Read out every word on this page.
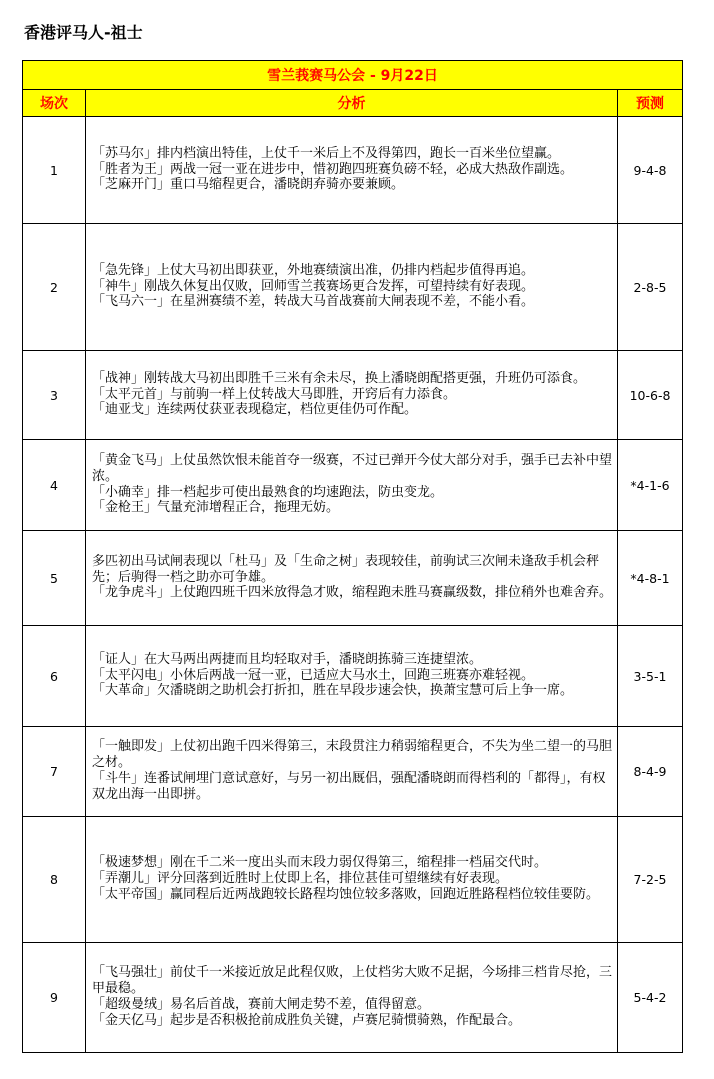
香港评马人-祖士
雪兰莪赛马公会 - 9月22日		
场次	分析	预测
1	「苏马尔」排内档演出特佳，上仗千一米后上不及得第四，跑长一百米坐位望赢。
「胜者为王」两战一冠一亚在进步中，惜初跑四班赛负磅不轻，必成大热敌作副选。
「芝麻开门」重口马缩程更合，潘晓朗弃骑亦要兼顾。	9-4-8
2	「急先锋」上仗大马初出即获亚，外地赛绩演出准，仍排内档起步值得再追。
「神牛」刚战久休复出仅败，回师雪兰莪赛场更合发挥，可望持续有好表现。
「飞马六一」在星洲赛绩不差，转战大马首战赛前大闸表现不差，不能小看。	2-8-5
3	「战神」刚转战大马初出即胜千三米有余未尽，换上潘晓朗配搭更强，升班仍可添食。
「太平元首」与前驹一样上仗转战大马即胜，开窍后有力添食。
「迪亚戈」连续两仗获亚表现稳定，档位更佳仍可作配。	10-6-8
4	「黄金飞马」上仗虽然饮恨未能首夺一级赛，不过已弹开今仗大部分对手，强手已去补中望浓。
「小确幸」排一档起步可使出最熟食的均速跑法，防虫变龙。
「金枪王」气量充沛增程正合，拖理无妨。	*4-1-6
5	多匹初出马试闸表现以「杜马」及「生命之树」表现较佳，前驹试三次闸未逢敌手机会秤先；后驹得一档之助亦可争雄。
「龙争虎斗」上仗跑四班千四米放得急才败，缩程跑未胜马赛赢级数，排位稍外也难舍弃。	*4-8-1
6	「证人」在大马两出两捷而且均轻取对手，潘晓朗拣骑三连捷望浓。
「太平闪电」小休后两战一冠一亚，已适应大马水土，回跑三班赛亦难轻视。
「大革命」欠潘晓朗之助机会打折扣，胜在早段步速会快，换萧宝慧可后上争一席。	3-5-1
7	「一触即发」上仗初出跑千四米得第三，末段贯注力稍弱缩程更合，不失为坐二望一的马胆之材。
「斗牛」连番试闸埋门意试意好，与另一初出厩侣，强配潘晓朗而得档利的「都得」，有权双龙出海一出即拼。	8-4-9
8	「极速梦想」刚在千二米一度出头而末段力弱仅得第三，缩程排一档届交代时。
「弄潮儿」评分回落到近胜时上仗即上名，排位甚佳可望继续有好表现。
「太平帝国」赢同程后近两战跑较长路程均蚀位较多落败，回跑近胜路程档位较佳要防。	7-2-5
9	「飞马强壮」前仗千一米接近放足此程仅败，上仗档劣大败不足据，今场排三档肯尽抢，三甲最稳。
「超级曼绒」易名后首战，赛前大闸走势不差，值得留意。
「金天亿马」起步是否积极抢前成胜负关键，卢赛尼骑惯骑熟，作配最合。	5-4-2
